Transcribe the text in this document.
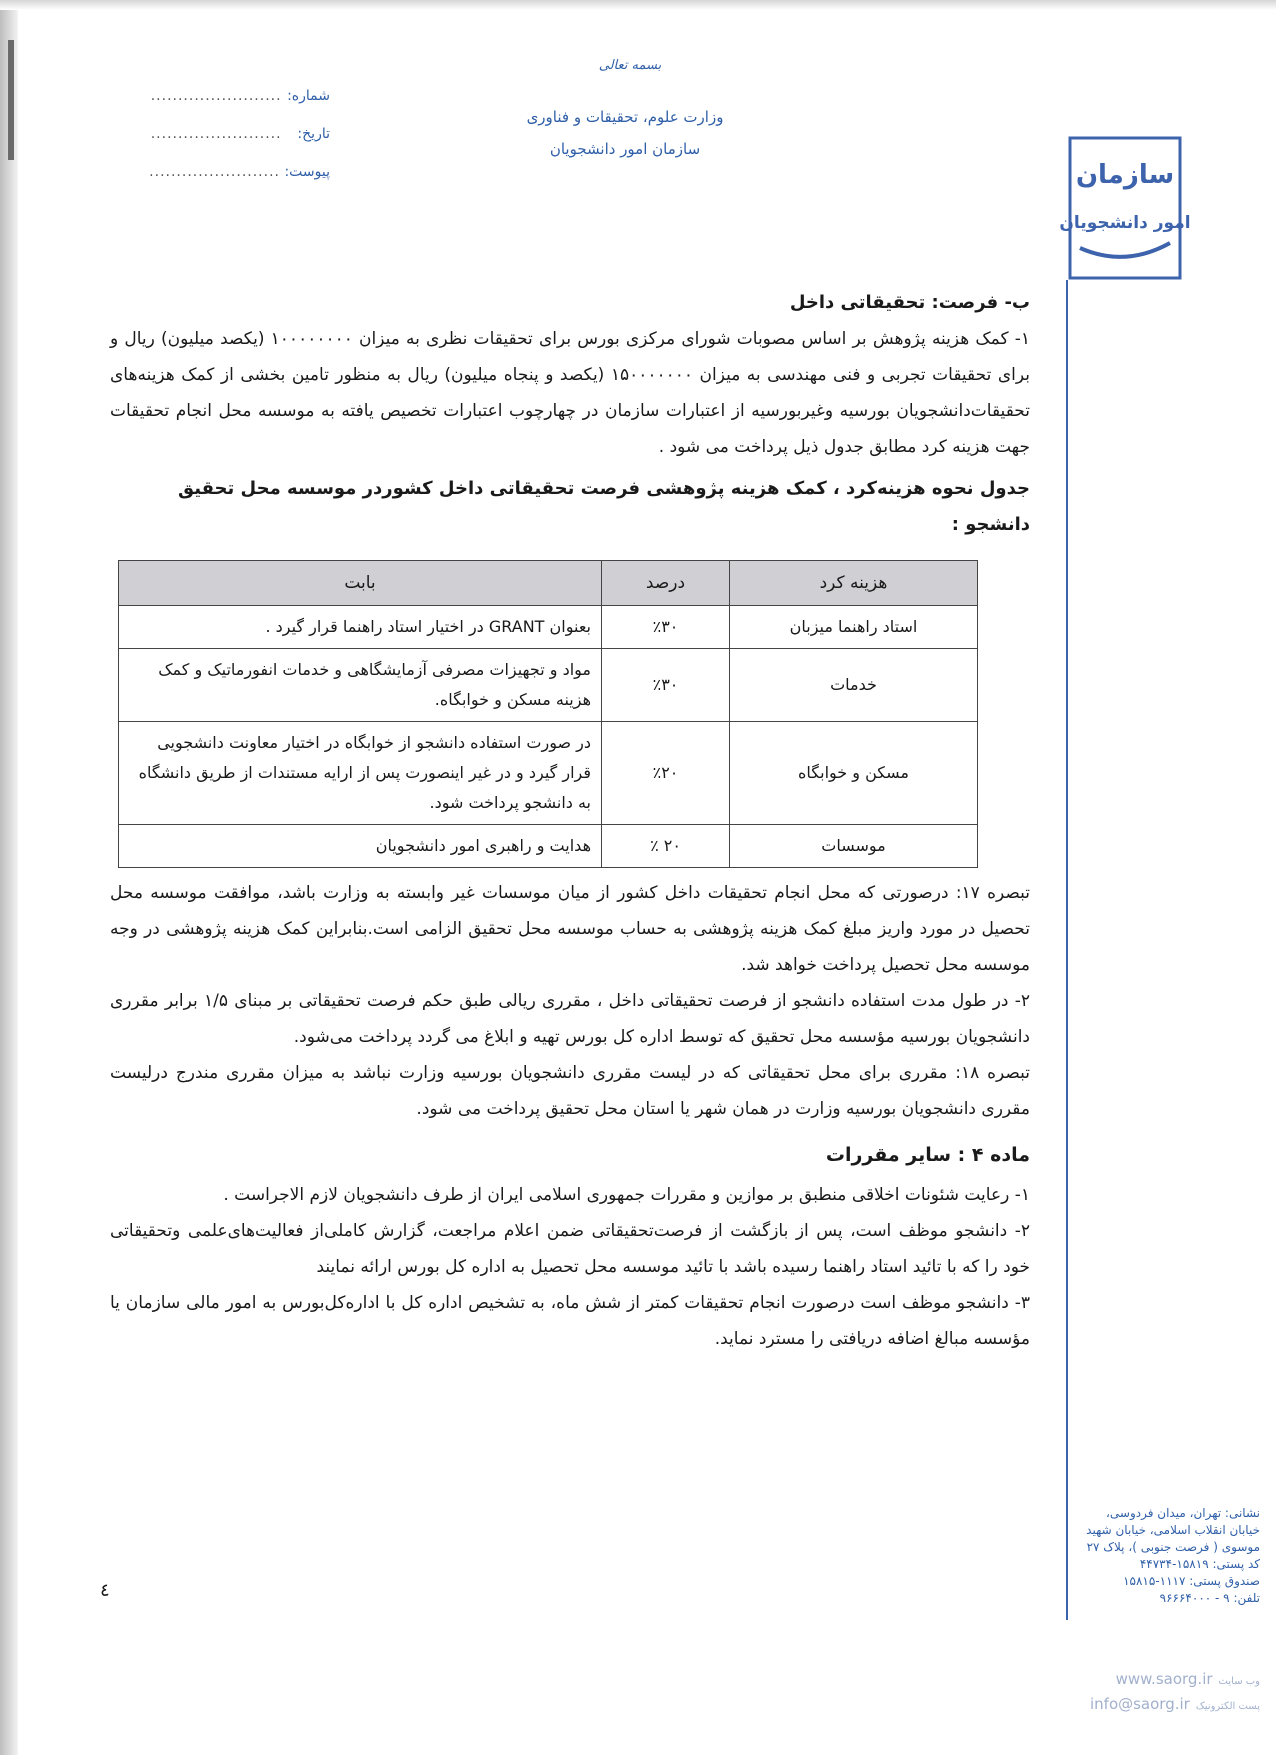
بسمه تعالی
وزارت علوم، تحقیقات و فناوری
سازمان امور دانشجویان
شماره: ........................
تاریخ: ........................
پیوست: ........................	سازمان
امور دانشجویان

ب- فرصت: تحقیقاتی داخل

۱- کمک هزینه پژوهش بر اساس مصوبات شورای مرکزی بورس برای تحقیقات نظری به میزان ۱۰۰۰۰۰۰۰۰ (یکصد میلیون) ریال و برای تحقیقات تجربی و فنی مهندسی به میزان ۱۵۰۰۰۰۰۰۰ (یکصد و پنجاه میلیون) ریال به منظور تامین بخشی از کمک هزینه‌های تحقیقات‌دانشجویان بورسیه وغیربورسیه از اعتبارات سازمان در چهارچوب اعتبارات تخصیص یافته به موسسه محل انجام تحقیقات جهت هزینه کرد مطابق جدول ذیل پرداخت می شود .

جدول نحوه هزینه‌کرد ، کمک هزینه پژوهشی فرصت تحقیقاتی داخل کشوردر موسسه محل تحقیق دانشجو :

هزینه کرد	درصد	بابت
استاد راهنما میزبان	٪۳۰	بعنوان GRANT در اختیار استاد راهنما قرار گیرد .
خدمات	٪۳۰	مواد و تجهیزات مصرفی آزمایشگاهی و خدمات انفورماتیک و کمک هزینه مسکن و خوابگاه.
مسکن و خوابگاه	٪۲۰	در صورت استفاده دانشجو از خوابگاه در اختیار معاونت دانشجویی قرار گیرد و در غیر اینصورت پس از ارایه مستندات از طریق دانشگاه به دانشجو پرداخت شود.
موسسات	۲۰ ٪	هدایت و راهبری امور دانشجویان

تبصره ۱۷: درصورتی که محل انجام تحقیقات داخل کشور از میان موسسات غیر وابسته به وزارت باشد، موافقت موسسه محل تحصیل در مورد واریز مبلغ کمک هزینه پژوهشی به حساب موسسه محل تحقیق الزامی است.بنابراین کمک هزینه پژوهشی در وجه موسسه محل تحصیل پرداخت خواهد شد.

۲- در طول مدت استفاده دانشجو از فرصت تحقیقاتی داخل ، مقرری ریالی طبق حکم فرصت تحقیقاتی بر مبنای ۱/۵ برابر مقرری دانشجویان بورسیه مؤسسه محل تحقیق که توسط اداره کل بورس تهیه و ابلاغ می گردد پرداخت می‌شود.

تبصره ۱۸: مقرری برای محل تحقیقاتی که در لیست مقرری دانشجویان بورسیه وزارت نباشد به میزان مقرری مندرج درلیست مقرری دانشجویان بورسیه وزارت در همان شهر یا استان محل تحقیق پرداخت می شود.

ماده ۴ : سایر مقررات

۱- رعایت شئونات اخلاقی منطبق بر موازین و مقررات جمهوری اسلامی ایران از طرف دانشجویان لازم الاجراست .

۲- دانشجو موظف است، پس از بازگشت از فرصت‌تحقیقاتی ضمن اعلام مراجعت، گزارش کاملی‌از فعالیت‌های‌علمی وتحقیقاتی خود را که با تائید استاد راهنما رسیده باشد با تائید موسسه محل تحصیل به اداره کل بورس ارائه نمایند

۳- دانشجو موظف است درصورت انجام تحقیقات کمتر از شش ماه، به تشخیص اداره کل با اداره‌کل‌بورس به امور مالی سازمان یا مؤسسه مبالغ اضافه دریافتی را مسترد نماید.

٤
نشانی: تهران، میدان فردوسی،
خیابان انقلاب اسلامی، خیابان شهید
موسوی ( فرصت جنوبی )، پلاک ۲۷
کد پستی: ۱۵۸۱۹-۴۴۷۳۴
صندوق پستی: ۱۱۱۷-۱۵۸۱۵
تلفن: ۹ - ۹۶۶۶۴۰۰۰
وب سایتwww.saorg.ir
پست الکترونیکinfo@saorg.ir
